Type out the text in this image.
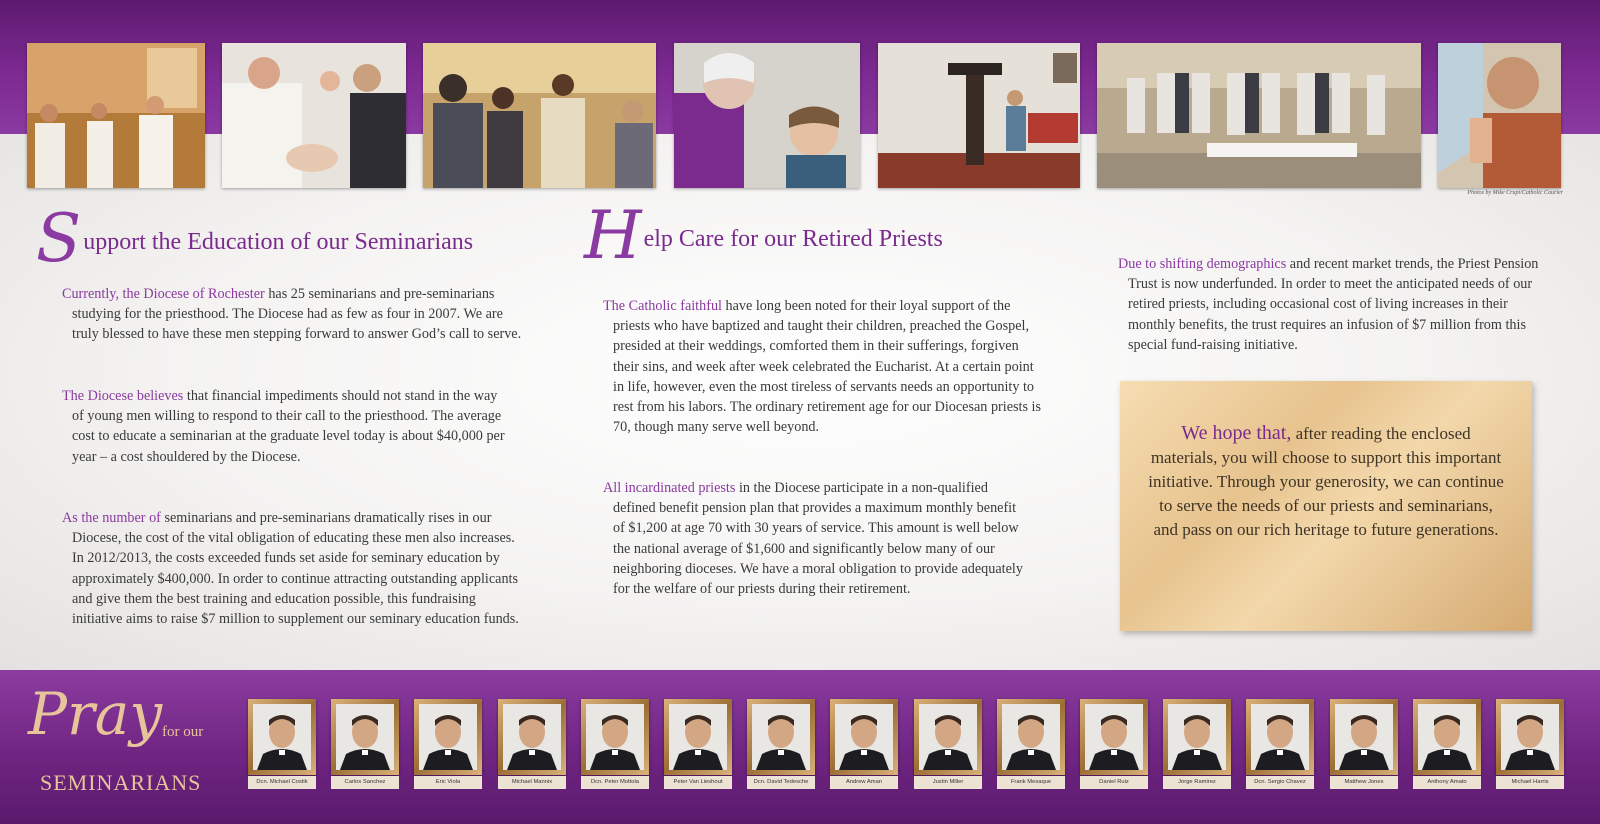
Photos by Mike Crupi/Catholic Courier
Support the Education of our Seminarians
Currently, the Diocese of Rochester has 25 seminarians and pre-seminarians studying for the priesthood. The Diocese had as few as four in 2007. We are truly blessed to have these men stepping forward to answer God’s call to serve.
The Diocese believes that financial impediments should not stand in the way of young men willing to respond to their call to the priesthood. The average cost to educate a seminarian at the graduate level today is about $40,000 per year – a cost shouldered by the Diocese.
As the number of seminarians and pre-seminarians dramatically rises in our Diocese, the cost of the vital obligation of educating these men also increases. In 2012/2013, the costs exceeded funds set aside for seminary education by approximately $400,000. In order to continue attracting outstanding applicants and give them the best training and education possible, this fundraising initiative aims to raise $7 million to supplement our seminary education funds.
Help Care for our Retired Priests
The Catholic faithful have long been noted for their loyal support of the priests who have baptized and taught their children, preached the Gospel, presided at their weddings, comforted them in their sufferings, forgiven their sins, and week after week celebrated the Eucharist. At a certain point in life, however, even the most tireless of servants needs an opportunity to rest from his labors. The ordinary retirement age for our Diocesan priests is 70, though many serve well beyond.
All incardinated priests in the Diocese participate in a non-qualified defined benefit pension plan that provides a maximum monthly benefit of $1,200 at age 70 with 30 years of service. This amount is well below the national average of $1,600 and significantly below many of our neighboring dioceses. We have a moral obligation to provide adequately for the welfare of our priests during their retirement.
Due to shifting demographics and recent market trends, the Priest Pension Trust is now underfunded. In order to meet the anticipated needs of our retired priests, including occasional cost of living increases in their monthly benefits, the trust requires an infusion of $7 million from this special fund-raising initiative.
We hope that, after reading the enclosed materials, you will choose to support this important initiative. Through your generosity, we can continue to serve the needs of our priests and seminarians, and pass on our rich heritage to future generations.
Pray for our
SEMINARIANS	Dcn. Michael Costik	Carlos Sanchez	Eric Viola	Michael Mannix	Dcn. Peter Mottola	Peter Van Lieshout	Dcn. David Tedesche	Andrew Aman	Justin Miller	Frank Mesaque	Daniel Ruiz	Jorge Ramirez	Dcn. Sergio Chavez	Matthew Jones	Anthony Amato	Michael Harris
